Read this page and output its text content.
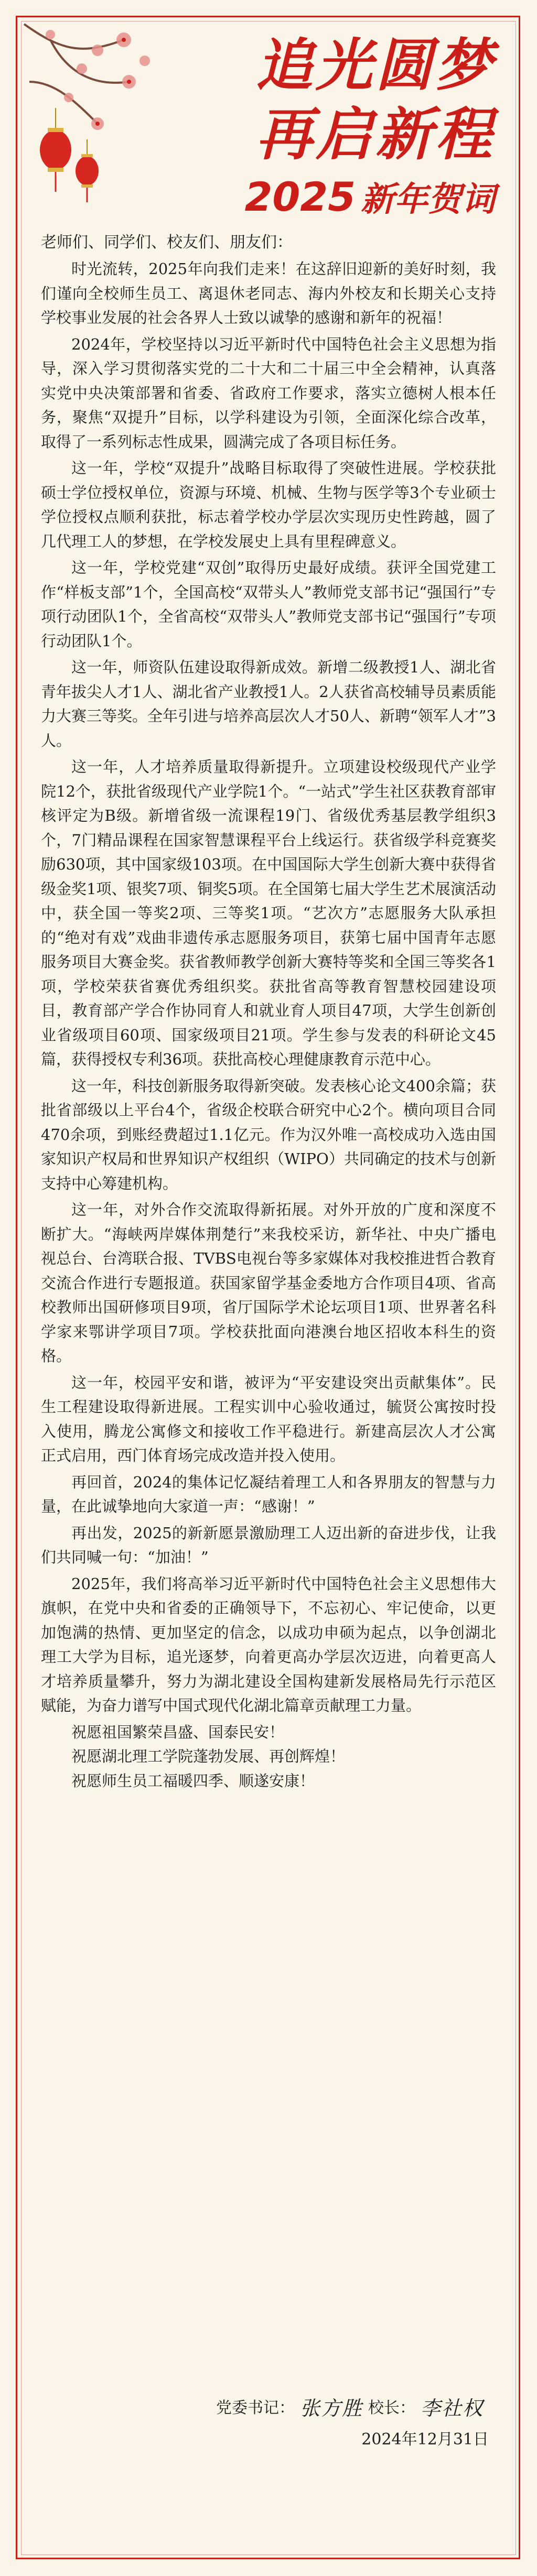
追光圆梦
再启新程
2025 新年贺词

老师们、同学们、校友们、朋友们：

时光流转，2025年向我们走来！在这辞旧迎新的美好时刻，我们谨向全校师生员工、离退休老同志、海内外校友和长期关心支持学校事业发展的社会各界人士致以诚挚的感谢和新年的祝福！

2024年，学校坚持以习近平新时代中国特色社会主义思想为指导，深入学习贯彻落实党的二十大和二十届三中全会精神，认真落实党中央决策部署和省委、省政府工作要求，落实立德树人根本任务，聚焦“双提升”目标，以学科建设为引领，全面深化综合改革，取得了一系列标志性成果，圆满完成了各项目标任务。

这一年，学校“双提升”战略目标取得了突破性进展。学校获批硕士学位授权单位，资源与环境、机械、生物与医学等3个专业硕士学位授权点顺利获批，标志着学校办学层次实现历史性跨越，圆了几代理工人的梦想，在学校发展史上具有里程碑意义。

这一年，学校党建“双创”取得历史最好成绩。获评全国党建工作“样板支部”1个，全国高校“双带头人”教师党支部书记“强国行”专项行动团队1个，全省高校“双带头人”教师党支部书记“强国行”专项行动团队1个。

这一年，师资队伍建设取得新成效。新增二级教授1人、湖北省青年拔尖人才1人、湖北省产业教授1人。2人获省高校辅导员素质能力大赛三等奖。全年引进与培养高层次人才50人、新聘“领军人才”3人。

这一年，人才培养质量取得新提升。立项建设校级现代产业学院12个，获批省级现代产业学院1个。“一站式”学生社区获教育部审核评定为B级。新增省级一流课程19门、省级优秀基层教学组织3个，7门精品课程在国家智慧课程平台上线运行。获省级学科竞赛奖励630项，其中国家级103项。在中国国际大学生创新大赛中获得省级金奖1项、银奖7项、铜奖5项。在全国第七届大学生艺术展演活动中，获全国一等奖2项、三等奖1项。“艺次方”志愿服务大队承担的“绝对有戏”戏曲非遗传承志愿服务项目，获第七届中国青年志愿服务项目大赛金奖。获省教师教学创新大赛特等奖和全国三等奖各1项，学校荣获省赛优秀组织奖。获批省高等教育智慧校园建设项目，教育部产学合作协同育人和就业育人项目47项，大学生创新创业省级项目60项、国家级项目21项。学生参与发表的科研论文45篇，获得授权专利36项。获批高校心理健康教育示范中心。

这一年，科技创新服务取得新突破。发表核心论文400余篇；获批省部级以上平台4个，省级企校联合研究中心2个。横向项目合同470余项，到账经费超过1.1亿元。作为汉外唯一高校成功入选由国家知识产权局和世界知识产权组织（WIPO）共同确定的技术与创新支持中心筹建机构。

这一年，对外合作交流取得新拓展。对外开放的广度和深度不断扩大。“海峡两岸媒体荆楚行”来我校采访，新华社、中央广播电视总台、台湾联合报、TVBS电视台等多家媒体对我校推进哲合教育交流合作进行专题报道。获国家留学基金委地方合作项目4项、省高校教师出国研修项目9项，省厅国际学术论坛项目1项、世界著名科学家来鄂讲学项目7项。学校获批面向港澳台地区招收本科生的资格。

这一年，校园平安和谐，被评为“平安建设突出贡献集体”。民生工程建设取得新进展。工程实训中心验收通过，毓贤公寓按时投入使用，腾龙公寓修文和接收工作平稳进行。新建高层次人才公寓正式启用，西门体育场完成改造并投入使用。

再回首，2024的集体记忆凝结着理工人和各界朋友的智慧与力量，在此诚挚地向大家道一声：“感谢！”

再出发，2025的新新愿景激励理工人迈出新的奋进步伐，让我们共同喊一句：“加油！”

2025年，我们将高举习近平新时代中国特色社会主义思想伟大旗帜，在党中央和省委的正确领导下，不忘初心、牢记使命，以更加饱满的热情、更加坚定的信念，以成功申硕为起点，以争创湖北理工大学为目标，追光逐梦，向着更高办学层次迈进，向着更高人才培养质量攀升，努力为湖北建设全国构建新发展格局先行示范区赋能，为奋力谱写中国式现代化湖北篇章贡献理工力量。

祝愿祖国繁荣昌盛、国泰民安！

祝愿湖北理工学院蓬勃发展、再创辉煌！

祝愿师生员工福暖四季、顺遂安康！

党委书记： 张方胜 校长： 李社权
2024年12月31日
